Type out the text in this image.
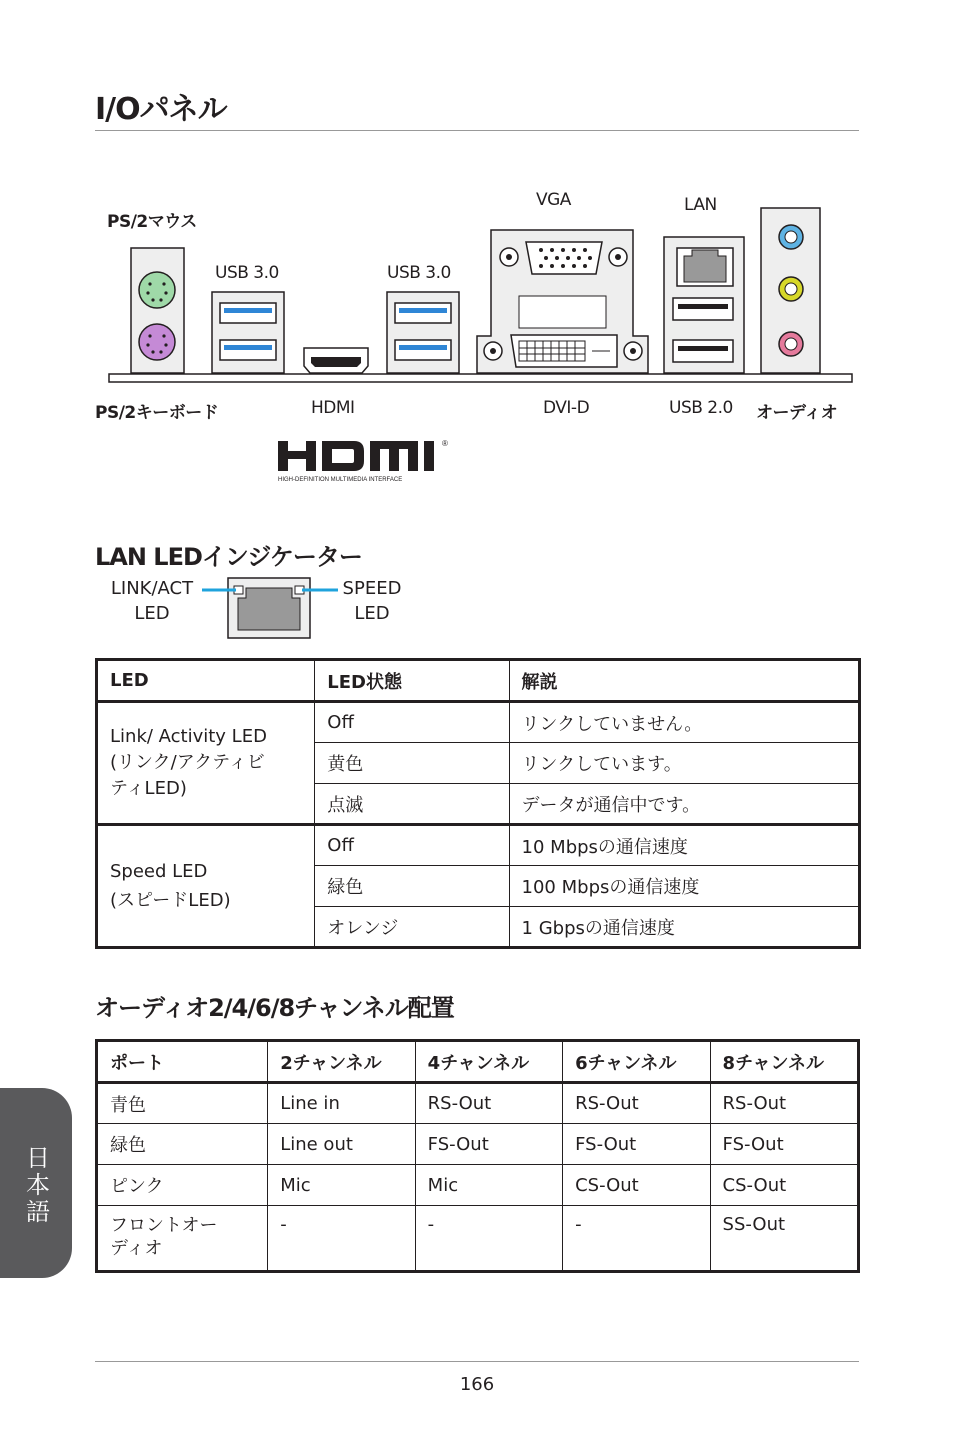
I/Oパネル
PS/2マウス
USB 3.0	USB 3.0
VGA	LAN
PS/2キーボード	HDMI	DVI-D	USB 2.0 オーディオ
®
HIGH-DEFINITION MULTIMEDIA INTERFACE
LAN LEDインジケーター
LINK/ACT
LED
SPEED
LED
LED	LED状態	解説

Link/ Activity LED
(リンク/アクティビ
ティLED)	Off	リンクしていません。
	黄色	リンクしています。
	点滅	データが通信中です。

Speed LED
(スピードLED)	Off	10 Mbpsの通信速度
	緑色	100 Mbpsの通信速度
	オレンジ	1 Gbpsの通信速度
オーディオ2/4/6/8チャンネル配置
ポート	2チャンネル	4チャンネル	6チャンネル	8チャンネル
青色	Line in	RS-Out	RS-Out	RS-Out
緑色	Line out	FS-Out	FS-Out	FS-Out
ピンク	Mic	Mic	CS-Out	CS-Out

フロントオー
ディオ	-	-	-	SS-Out
日
本
語
166
